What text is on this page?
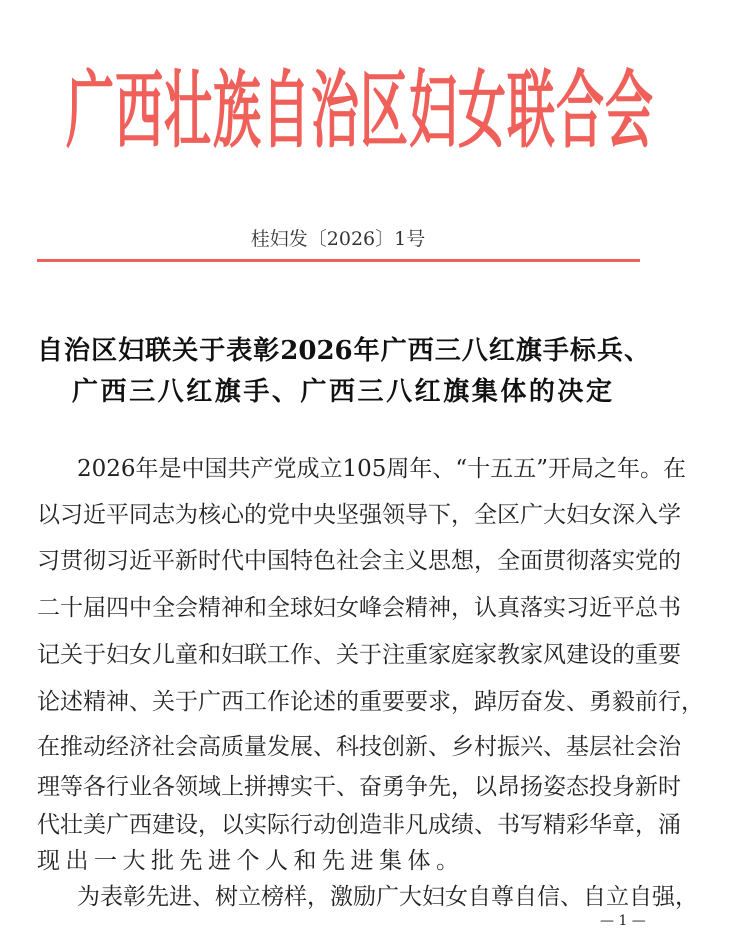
广西壮族自治区妇女联合会
桂妇发〔2026〕1号
自治区妇联关于表彰2026年广西三八红旗手标兵、
广西三八红旗手、广西三八红旗集体的决定
2026年是中国共产党成立105周年、“十五五”开局之年。在
以习近平同志为核心的党中央坚强领导下，全区广大妇女深入学
习贯彻习近平新时代中国特色社会主义思想，全面贯彻落实党的
二十届四中全会精神和全球妇女峰会精神，认真落实习近平总书
记关于妇女儿童和妇联工作、关于注重家庭家教家风建设的重要
论述精神、关于广西工作论述的重要要求，踔厉奋发、勇毅前行，
在推动经济社会高质量发展、科技创新、乡村振兴、基层社会治
理等各行业各领域上拼搏实干、奋勇争先，以昂扬姿态投身新时
代壮美广西建设，以实际行动创造非凡成绩、书写精彩华章，涌
现出一大批先进个人和先进集体。
为表彰先进、树立榜样，激励广大妇女自尊自信、自立自强，
— 1 —
